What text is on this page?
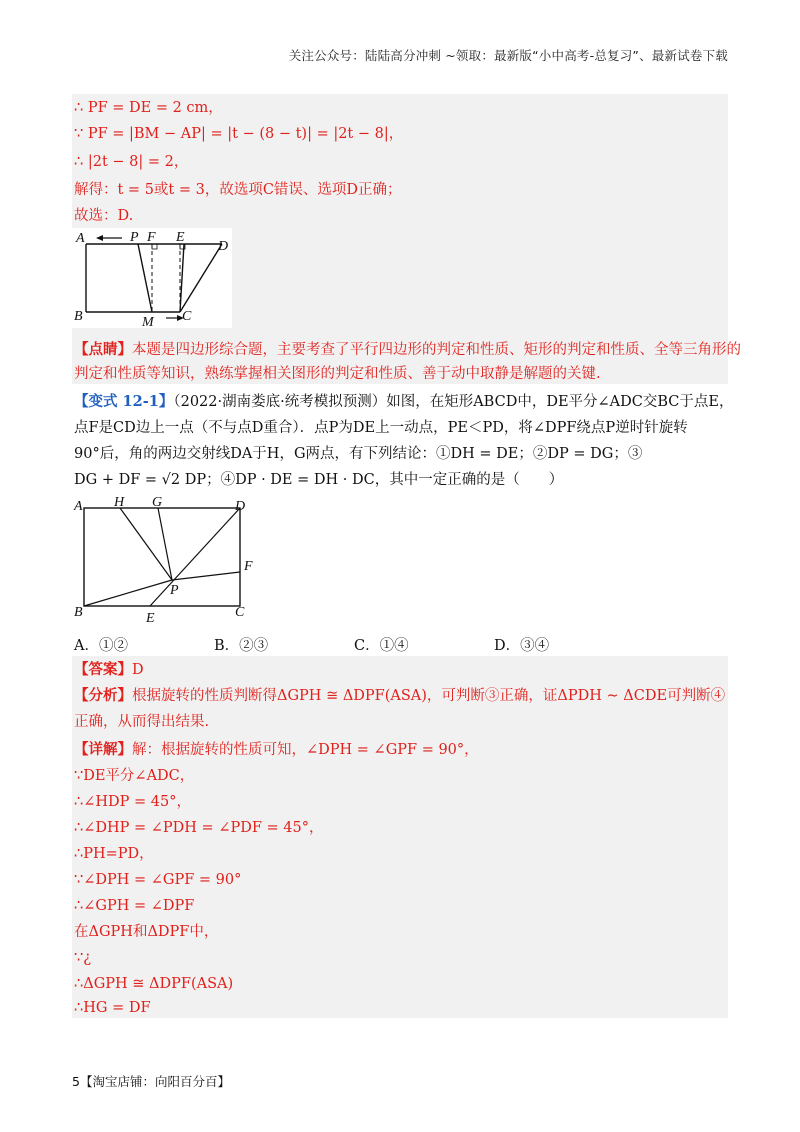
关注公众号：陆陆高分冲刺 ~领取：最新版“小中高考-总复习”、最新试卷下载
∴ PF = DE = 2 cm，
∵ PF = |BM − AP| = |t − (8 − t)| = |2t − 8|，
∴ |2t − 8| = 2，
解得：t = 5或t = 3，故选项C错误、选项D正确；
故选：D.
A	P F E
D
B	M C
【点睛】本题是四边形综合题，主要考查了平行四边形的判定和性质、矩形的判定和性质、全等三角形的
判定和性质等知识，熟练掌握相关图形的判定和性质、善于动中取静是解题的关键.
【变式 12-1】（2022·湖南娄底·统考模拟预测）如图，在矩形ABCD中，DE平分∠ADC交BC于点E，
点F是CD边上一点（不与点D重合）．点P为DE上一动点，PE＜PD，将∠DPF绕点P逆时针旋转
90°后，角的两边交射线DA于H，G两点，有下列结论：①DH = DE；②DP = DG；③
DG + DF = √2 DP；④DP · DE = DH · DC，其中一定正确的是（　　）
A H G	D
F
P
B	E	C
A．①②	B．②③	C．①④	D．③④
【答案】D
【分析】根据旋转的性质判断得ΔGPH ≅ ΔDPF(ASA)，可判断③正确，证ΔPDH ∼ ΔCDE可判断④
正确，从而得出结果.
【详解】解：根据旋转的性质可知，∠DPH = ∠GPF = 90°，
∵DE平分∠ADC，
∴∠HDP = 45°，
∴∠DHP = ∠PDH = ∠PDF = 45°，
∴PH=PD，
∵∠DPH = ∠GPF = 90°
∴∠GPH = ∠DPF
在ΔGPH和ΔDPF中，
∵¿
∴ΔGPH ≅ ΔDPF(ASA)
∴HG = DF
5【淘宝店铺：向阳百分百】
